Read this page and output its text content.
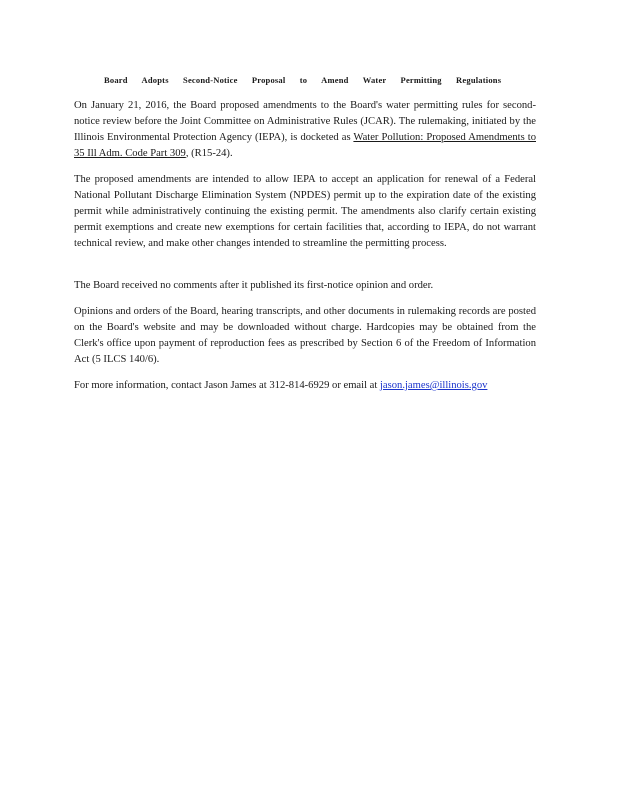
Board Adopts Second-Notice Proposal to Amend Water Permitting Regulations

On January 21, 2016, the Board proposed amendments to the Board's water permitting rules for second-notice review before the Joint Committee on Administrative Rules (JCAR). The rulemaking, initiated by the Illinois Environmental Protection Agency (IEPA), is docketed as Water Pollution: Proposed Amendments to 35 Ill Adm. Code Part 309, (R15-24).

The proposed amendments are intended to allow IEPA to accept an application for renewal of a Federal National Pollutant Discharge Elimination System (NPDES) permit up to the expiration date of the existing permit while administratively continuing the existing permit. The amendments also clarify certain existing permit exemptions and create new exemptions for certain facilities that, according to IEPA, do not warrant technical review, and make other changes intended to streamline the permitting process.

The Board received no comments after it published its first-notice opinion and order.

Opinions and orders of the Board, hearing transcripts, and other documents in rulemaking records are posted on the Board's website and may be downloaded without charge. Hardcopies may be obtained from the Clerk's office upon payment of reproduction fees as prescribed by Section 6 of the Freedom of Information Act (5 ILCS 140/6).

For more information, contact Jason James at 312-814-6929 or email at jason.james@illinois.gov
